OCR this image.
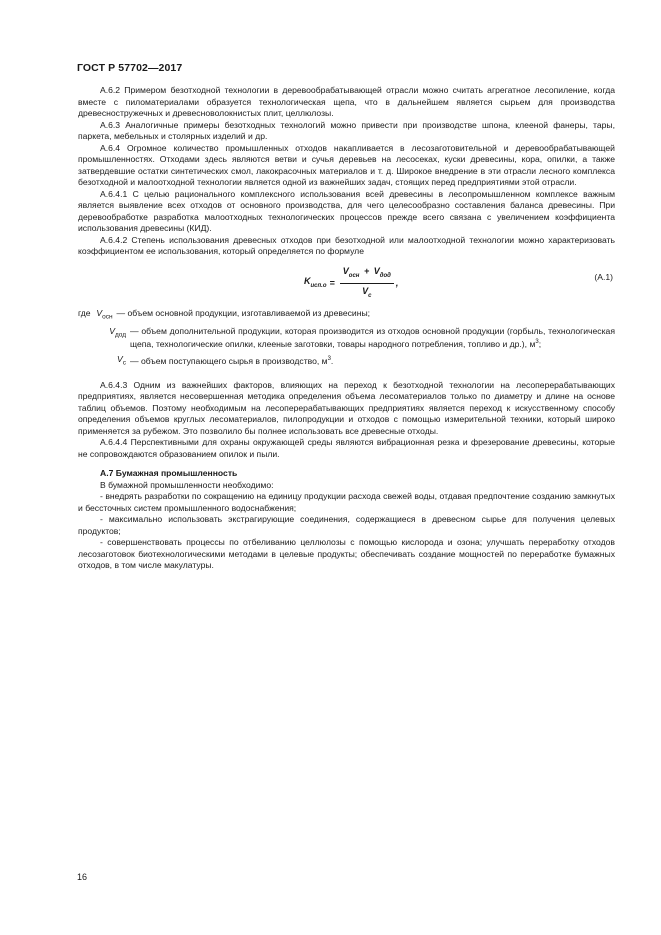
ГОСТ Р 57702—2017

А.6.2 Примером безотходной технологии в деревообрабатывающей отрасли можно считать агрегатное лесопиление, когда вместе с пиломатериалами образуется технологическая щепа, что в дальнейшем является сырьем для производства древесностружечных и древесноволокнистых плит, целлюлозы.

А.6.3 Аналогичные примеры безотходных технологий можно привести при производстве шпона, клееной фанеры, тары, паркета, мебельных и столярных изделий и др.

А.6.4 Огромное количество промышленных отходов накапливается в лесозаготовительной и деревообрабатывающей промышленностях. Отходами здесь являются ветви и сучья деревьев на лесосеках, куски древесины, кора, опилки, а также затвердевшие остатки синтетических смол, лакокрасочных материалов и т. д. Широкое внедрение в эти отрасли лесного комплекса безотходной и малоотходной технологии является одной из важнейших задач, стоящих перед предприятиями этой отрасли.

А.6.4.1 С целью рационального комплексного использования всей древесины в лесопромышленном комплексе важным является выявление всех отходов от основного производства, для чего целесообразно составления баланса древесины. При деревообработке разработка малоотходных технологических процессов прежде всего связана с увеличением коэффициента использования древесины (КИД).

А.6.4.2 Степень использования древесных отходов при безотходной или малоотходной технологии можно характеризовать коэффициентом ее использования, который определяется по формуле

$K_{исп.о} = \frac{V_{осн} + V_{дод}}{V_с}$ ,
(А.1)
где $V_{осн}$ — объем основной продукции, изготавливаемой из древесины;
$V_{дод}$ — объем дополнительной продукции, которая производится из отходов основной продукции (горбыль, технологическая щепа, технологические опилки, клееные заготовки, товары народного потребления, топливо и др.), $м^3$;
$V_с$ — объем поступающего сырья в производство, $м^3$.

А.6.4.3 Одним из важнейших факторов, влияющих на переход к безотходной технологии на лесоперерабатывающих предприятиях, является несовершенная методика определения объема лесоматериалов только по диаметру и длине на основе таблиц объемов. Поэтому необходимым на лесоперерабатывающих предприятиях является переход к искусственному способу определения объемов круглых лесоматериалов, пилопродукции и отходов с помощью измерительной техники, который широко применяется за рубежом. Это позволило бы полнее использовать все древесные отходы.

А.6.4.4 Перспективными для охраны окружающей среды являются вибрационная резка и фрезерование древесины, которые не сопровождаются образованием опилок и пыли.

А.7 Бумажная промышленность

В бумажной промышленности необходимо:

- внедрять разработки по сокращению на единицу продукции расхода свежей воды, отдавая предпочтение созданию замкнутых и бессточных систем промышленного водоснабжения;

- максимально использовать экстрагирующие соединения, содержащиеся в древесном сырье для получения целевых продуктов;

- совершенствовать процессы по отбеливанию целлюлозы с помощью кислорода и озона; улучшать переработку отходов лесозаготовок биотехнологическими методами в целевые продукты; обеспечивать создание мощностей по переработке бумажных отходов, в том числе макулатуры.

16
